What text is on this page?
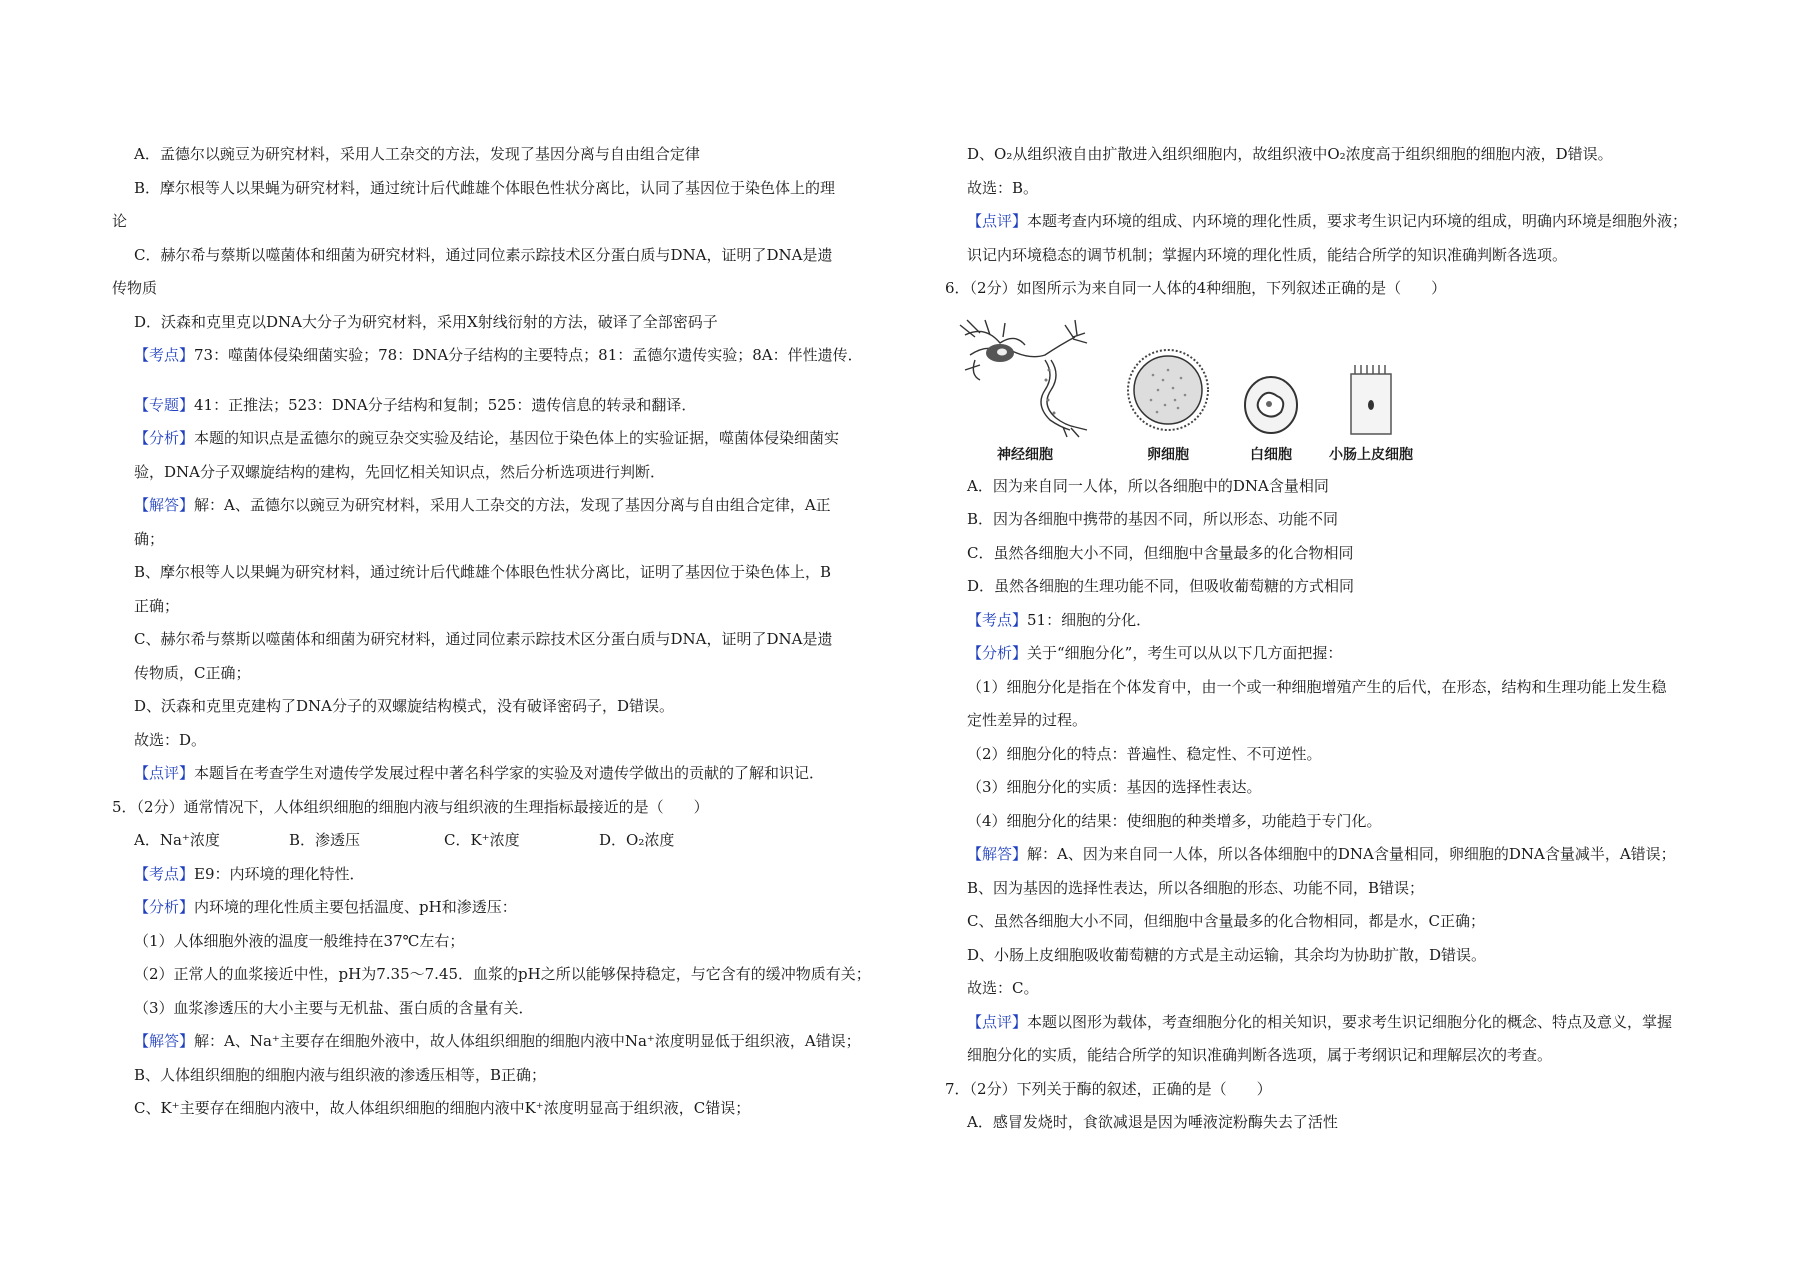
A．孟德尔以豌豆为研究材料，采用人工杂交的方法，发现了基因分离与自由组合定律
B．摩尔根等人以果蝇为研究材料，通过统计后代雌雄个体眼色性状分离比，认同了基因位于染色体上的理
论
C．赫尔希与蔡斯以噬菌体和细菌为研究材料，通过同位素示踪技术区分蛋白质与DNA，证明了DNA是遗
传物质
D．沃森和克里克以DNA大分子为研究材料，采用X射线衍射的方法，破译了全部密码子
【考点】73：噬菌体侵染细菌实验；78：DNA分子结构的主要特点；81：孟德尔遗传实验；8A：伴性遗传．
【专题】41：正推法；523：DNA分子结构和复制；525：遗传信息的转录和翻译．
【分析】本题的知识点是孟德尔的豌豆杂交实验及结论，基因位于染色体上的实验证据，噬菌体侵染细菌实
验，DNA分子双螺旋结构的建构，先回忆相关知识点，然后分析选项进行判断．
【解答】解：A、孟德尔以豌豆为研究材料，采用人工杂交的方法，发现了基因分离与自由组合定律，A正
确；
B、摩尔根等人以果蝇为研究材料，通过统计后代雌雄个体眼色性状分离比，证明了基因位于染色体上，B
正确；
C、赫尔希与蔡斯以噬菌体和细菌为研究材料，通过同位素示踪技术区分蛋白质与DNA，证明了DNA是遗
传物质，C正确；
D、沃森和克里克建构了DNA分子的双螺旋结构模式，没有破译密码子，D错误。
故选：D。
【点评】本题旨在考查学生对遗传学发展过程中著名科学家的实验及对遗传学做出的贡献的了解和识记．
5．（2分）通常情况下，人体组织细胞的细胞内液与组织液的生理指标最接近的是（　　）
A．Na⁺浓度	B．渗透压	C．K⁺浓度	D．O₂浓度
【考点】E9：内环境的理化特性．
【分析】内环境的理化性质主要包括温度、pH和渗透压：
（1）人体细胞外液的温度一般维持在37℃左右；
（2）正常人的血浆接近中性，pH为7.35～7.45．血浆的pH之所以能够保持稳定，与它含有的缓冲物质有关；
（3）血浆渗透压的大小主要与无机盐、蛋白质的含量有关．
【解答】解：A、Na⁺主要存在细胞外液中，故人体组织细胞的细胞内液中Na⁺浓度明显低于组织液，A错误；
B、人体组织细胞的细胞内液与组织液的渗透压相等，B正确；
C、K⁺主要存在细胞内液中，故人体组织细胞的细胞内液中K⁺浓度明显高于组织液，C错误；
D、O₂从组织液自由扩散进入组织细胞内，故组织液中O₂浓度高于组织细胞的细胞内液，D错误。
故选：B。
【点评】本题考查内环境的组成、内环境的理化性质，要求考生识记内环境的组成，明确内环境是细胞外液；
识记内环境稳态的调节机制；掌握内环境的理化性质，能结合所学的知识准确判断各选项。
6．（2分）如图所示为来自同一人体的4种细胞，下列叙述正确的是（　　）
神经细胞	卵细胞	白细胞	小肠上皮细胞
A．因为来自同一人体，所以各细胞中的DNA含量相同
B．因为各细胞中携带的基因不同，所以形态、功能不同
C．虽然各细胞大小不同，但细胞中含量最多的化合物相同
D．虽然各细胞的生理功能不同，但吸收葡萄糖的方式相同
【考点】51：细胞的分化．
【分析】关于“细胞分化”，考生可以从以下几方面把握：
（1）细胞分化是指在个体发育中，由一个或一种细胞增殖产生的后代，在形态，结构和生理功能上发生稳
定性差异的过程。
（2）细胞分化的特点：普遍性、稳定性、不可逆性。
（3）细胞分化的实质：基因的选择性表达。
（4）细胞分化的结果：使细胞的种类增多，功能趋于专门化。
【解答】解：A、因为来自同一人体，所以各体细胞中的DNA含量相同，卵细胞的DNA含量减半，A错误；
B、因为基因的选择性表达，所以各细胞的形态、功能不同，B错误；
C、虽然各细胞大小不同，但细胞中含量最多的化合物相同，都是水，C正确；
D、小肠上皮细胞吸收葡萄糖的方式是主动运输，其余均为协助扩散，D错误。
故选：C。
【点评】本题以图形为载体，考查细胞分化的相关知识，要求考生识记细胞分化的概念、特点及意义，掌握
细胞分化的实质，能结合所学的知识准确判断各选项，属于考纲识记和理解层次的考查。
7．（2分）下列关于酶的叙述，正确的是（　　）
A．感冒发烧时，食欲减退是因为唾液淀粉酶失去了活性
